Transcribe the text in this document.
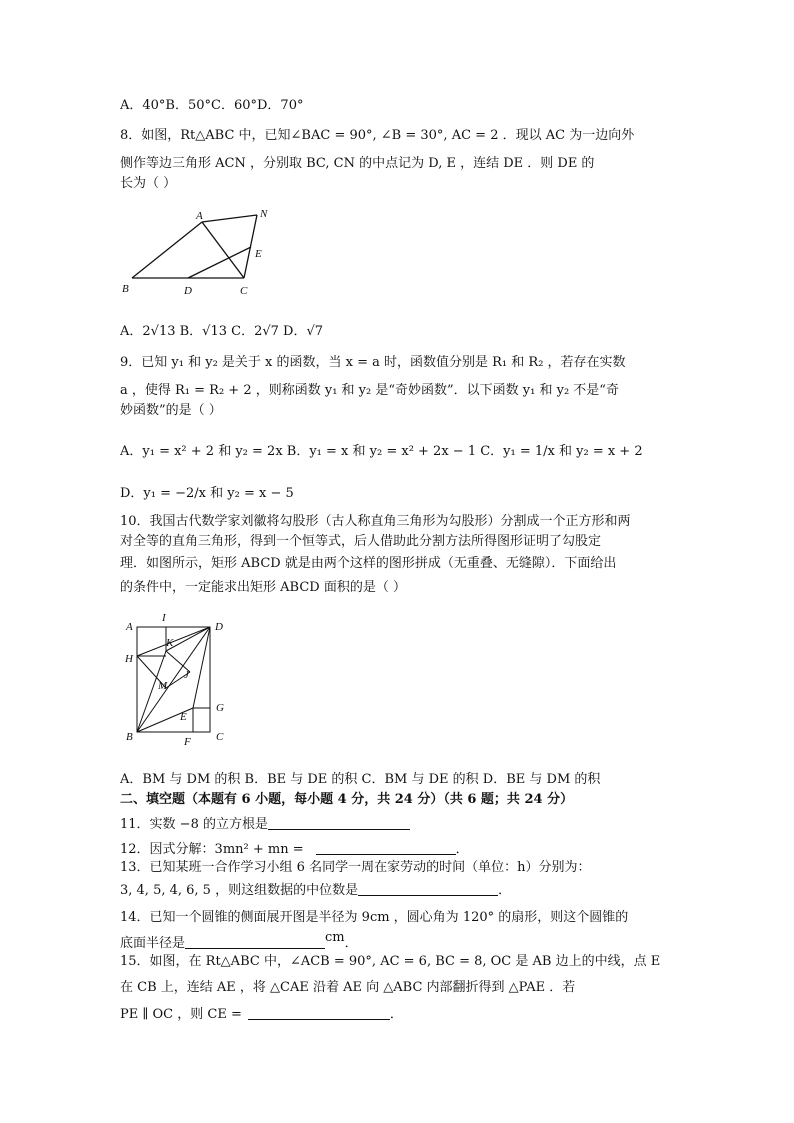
A．40°B．50°C．60°D．70°
8．如图，Rt△ABC 中，已知∠BAC = 90°, ∠B = 30°, AC = 2 ．现以 AC 为一边向外
侧作等边三角形 ACN ，分别取 BC, CN 的中点记为 D, E ，连结 DE ．则 DE 的
长为（ ）
A	N
E
B	D	C
A．2√13 B．√13 C．2√7 D．√7
9．已知 y₁ 和 y₂ 是关于 x 的函数，当 x = a 时，函数值分别是 R₁ 和 R₂ ，若存在实数
a ，使得 R₁ = R₂ + 2 ，则称函数 y₁ 和 y₂ 是“奇妙函数”．以下函数 y₁ 和 y₂ 不是“奇
妙函数”的是（ ）
A．y₁ = x² + 2 和 y₂ = 2x B．y₁ = x 和 y₂ = x² + 2x − 1 C．y₁ = 1/x 和 y₂ = x + 2
D．y₁ = −2/x 和 y₂ = x − 5
10．我国古代数学家刘徽将勾股形（古人称直角三角形为勾股形）分割成一个正方形和两
对全等的直角三角形，得到一个恒等式，后人借助此分割方法所得图形证明了勾股定
理．如图所示，矩形 ABCD 就是由两个这样的图形拼成（无重叠、无缝隙）．下面给出
的条件中，一定能求出矩形 ABCD 面积的是（ ）
A
I
D
H
K
J
M
G
E
B	F C
A．BM 与 DM 的积 B．BE 与 DE 的积 C．BM 与 DE 的积 D．BE 与 DM 的积
二、填空题（本题有 6 小题，每小题 4 分，共 24 分）（共 6 题；共 24 分）
11．实数 −8 的立方根是
12．因式分解：3mn² + mn =	．
13．已知某班一合作学习小组 6 名同学一周在家劳动的时间（单位：h）分别为：
3, 4, 5, 4, 6, 5 ，则这组数据的中位数是	．
14．已知一个圆锥的侧面展开图是半径为 9cm ，圆心角为 120° 的扇形，则这个圆锥的
底面半径是	cm．
15．如图，在 Rt△ABC 中，∠ACB = 90°, AC = 6, BC = 8, OC 是 AB 边上的中线，点 E
在 CB 上，连结 AE ，将 △CAE 沿着 AE 向 △ABC 内部翻折得到 △PAE ．若
PE ∥ OC ，则 CE =	．
